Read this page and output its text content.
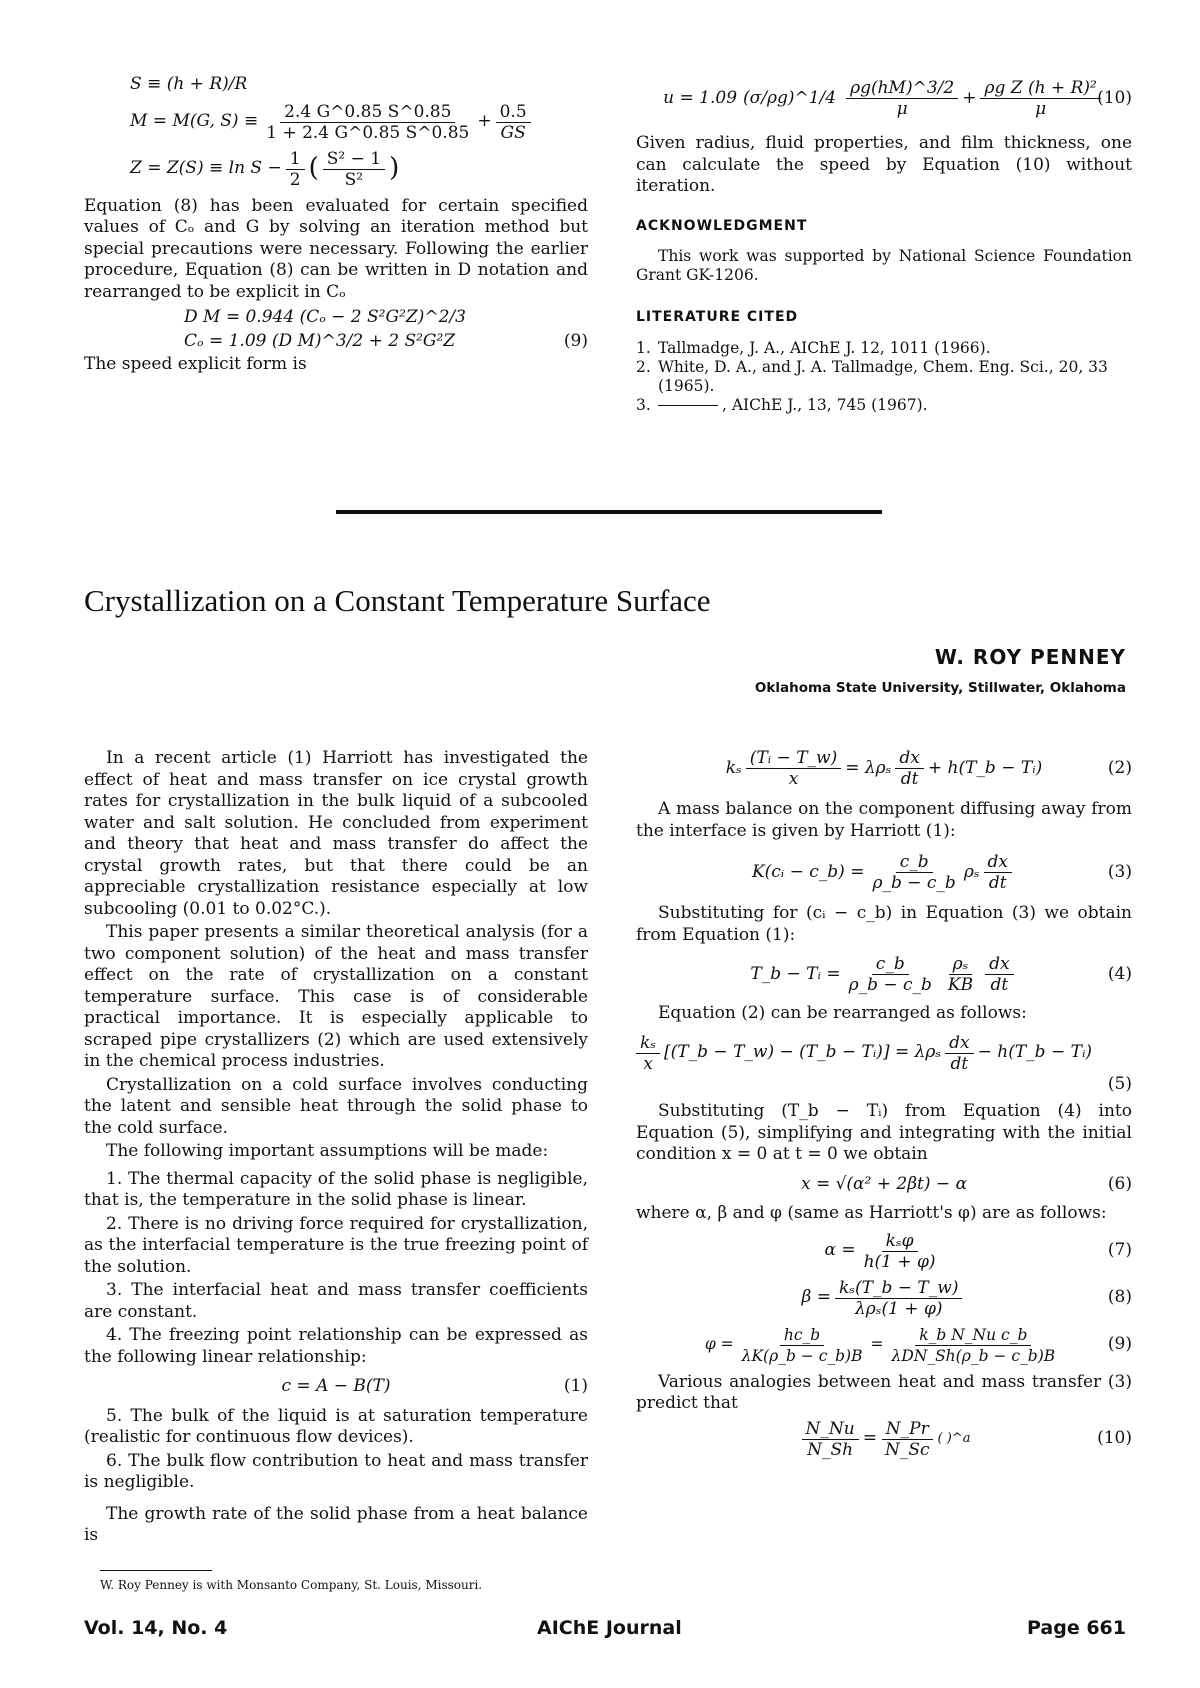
S ≡ (h + R)/R
M = M(G, $S) \equiv \frac{2.4 G\^{}0.85 S\^{}0.85}{1 + 2.4 G\^{}0.85 S\^{}0.85} + \frac{0.5}{GS}$
$Z = Z(S) \equiv \ln S - \frac{1}{2}$ ( $\frac{\text{S² − 1}}{\text{S²}}$ )

Equation (8) has been evaluated for certain specified values of Cₒ and G by solving an iteration method but special precautions were necessary. Following the earlier procedure, Equation (8) can be written in D notation and rearranged to be explicit in Cₒ

D M = 0.944 (Cₒ − 2 S²G²Z)^2/3
Cₒ = 1.09 (D M)^3/2 + 2 S²G²Z	(9)

The speed explicit form is

u = 1.09 (σ/ρg)^1/4 $\frac{\rho g(hM)\^{}3/2}{\mu} + \frac{\text{ρg Z (h + R)²}}{\mu}$
(10)

Given radius, fluid properties, and film thickness, one can calculate the speed by Equation (10) without iteration.

ACKNOWLEDGMENT

This work was supported by National Science Foundation Grant GK-1206.

LITERATURE CITED
1. Tallmadge, J. A., AIChE J. 12, 1011 (1966).
2. White, D. A., and J. A. Tallmadge, Chem. Eng. Sci., 20, 33 (1965).
3.	, AIChE J., 13, 745 (1967).
Crystallization on a Constant Temperature Surface
W. ROY PENNEY
Oklahoma State University, Stillwater, Oklahoma

In a recent article (1) Harriott has investigated the effect of heat and mass transfer on ice crystal growth rates for crystallization in the bulk liquid of a subcooled water and salt solution. He concluded from experiment and theory that heat and mass transfer do affect the crystal growth rates, but that there could be an appreciable crystallization resistance especially at low subcooling (0.01 to 0.02°C.).

This paper presents a similar theoretical analysis (for a two component solution) of the heat and mass transfer effect on the rate of crystallization on a constant temperature surface. This case is of considerable practical importance. It is especially applicable to scraped pipe crystallizers (2) which are used extensively in the chemical process industries.

Crystallization on a cold surface involves conducting the latent and sensible heat through the solid phase to the cold surface.

The following important assumptions will be made:

1. The thermal capacity of the solid phase is negligible, that is, the temperature in the solid phase is linear.

2. There is no driving force required for crystallization, as the interfacial temperature is the true freezing point of the solution.

3. The interfacial heat and mass transfer coefficients are constant.

4. The freezing point relationship can be expressed as the following linear relationship:

c = A − B(T)	(1)

5. The bulk of the liquid is at saturation temperature (realistic for continuous flow devices).

6. The bulk flow contribution to heat and mass transfer is negligible.

The growth rate of the solid phase from a heat balance is

W. Roy Penney is with Monsanto Company, St. Louis, Missouri.
kₛ $\frac{\text{(Tᵢ − T\_w)}}{x} = \lambda\rho_s \frac{dx}{dt}$ + h(T_b − Tᵢ)	(2)

A mass balance on the component diffusing away from the interface is given by Harriott (1):

K(cᵢ − c_b) = $\frac{c\_b}{\rho\_b - c\_b}$ ρₛ $\frac{dx}{dt}$	(3)

Substituting for (cᵢ − c_b) in Equation (3) we obtain from Equation (1):

T_b − Tᵢ = $\frac{c\_b}{\rho\_b - c\_b} \frac{\text{ρₛ}}{KB} \frac{dx}{dt}$	(4)

Equation (2) can be rearranged as follows:

$\frac{\text{kₛ}}{x}$ [(T_b − T_w) − (T_b − Tᵢ)] = λρₛ $\frac{dx}{dt}$ − h(T_b − Tᵢ)
(5)

Substituting (T_b − Tᵢ) from Equation (4) into Equation (5), simplifying and integrating with the initial condition x = 0 at t = 0 we obtain

x = √(α² + 2βt) − α	(6)

where α, β and φ (same as Harriott's φ) are as follows:

$\alpha = \frac{\text{kₛφ}}{h(1 + \varphi)}$	(7)
$\beta = \frac{\text{kₛ(T\_b − T\_w)}}{\text{λρₛ(1 + φ)}}$	(8)
$\varphi = \frac{hc\_b}{\lambda K(\rho\_b - c\_b)B} = \frac{\text{k\_b N\_Nu c\_b}}{\text{λDN\_Sh(ρ\_b − c\_b)B}}$	(9)

Various analogies between heat and mass transfer (3) predict that

$\frac{N\_Nu}{N\_Sh} = \frac{N\_Pr}{N\_Sc}$ ( )^a	(10)
Vol. 14, No. 4	AIChE Journal	Page 661
